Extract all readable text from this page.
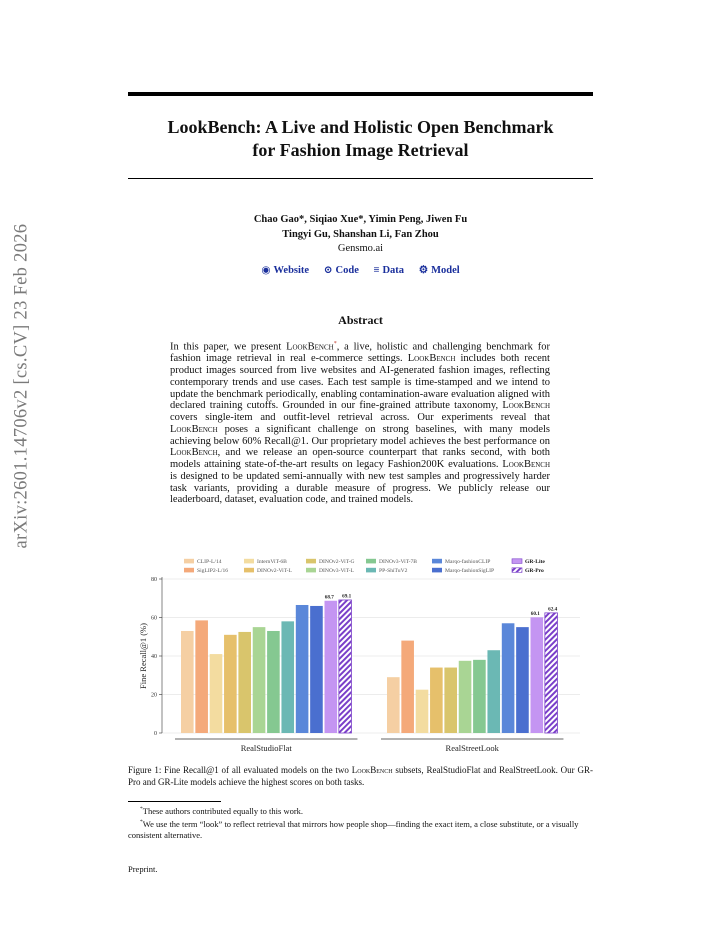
arXiv:2601.14706v2 [cs.CV] 23 Feb 2026
LookBench: A Live and Holistic Open Benchmark
for Fashion Image Retrieval
Chao Gao*, Siqiao Xue*, Yimin Peng, Jiwen Fu
Tingyi Gu, Shanshan Li, Fan Zhou
Gensmo.ai
◉ Website ⊙ Code ≡ Data ⚙ Model
Abstract
In this paper, we present LookBench*, a live, holistic and challenging benchmark for fashion image retrieval in real e-commerce settings. LookBench includes both recent product images sourced from live websites and AI-generated fashion images, reflecting contemporary trends and use cases. Each test sample is time-stamped and we intend to update the benchmark periodically, enabling contamination-aware evaluation aligned with declared training cutoffs. Grounded in our fine-grained attribute taxonomy, LookBench covers single-item and outfit-level retrieval across. Our experiments reveal that LookBench poses a significant challenge on strong baselines, with many models achieving below 60% Recall@1. Our proprietary model achieves the best performance on LookBench, and we release an open-source counterpart that ranks second, with both models attaining state-of-the-art results on legacy Fashion200K evaluations. LookBench is designed to be updated semi-annually with new test samples and progressively harder task variants, providing a durable measure of progress. We publicly release our leaderboard, dataset, evaluation code, and trained models.
68.7 69.1
60.1
62.4
CLIP-L/14
SigLIP2-L/16
InternViT-6B
DINOv2-ViT-L
DINOv2-ViT-G
DINOv3-ViT-L
DINOv3-ViT-7B
PP-ShiTuV2
Marqo-fashionCLIP
Marqo-fashionSigLIP
GR-Lite
GR-Pro
0
20
40
60
80
Fine Recall@1 (%)
RealStudioFlat	RealStreetLook
Figure 1: Fine Recall@1 of all evaluated models on the two LookBench subsets, RealStudioFlat and RealStreetLook. Our GR-Pro and GR-Lite models achieve the highest scores on both tasks.

*These authors contributed equally to this work.

*We use the term “look” to reflect retrieval that mirrors how people shop—finding the exact item, a close substitute, or a visually consistent alternative.

Preprint.
